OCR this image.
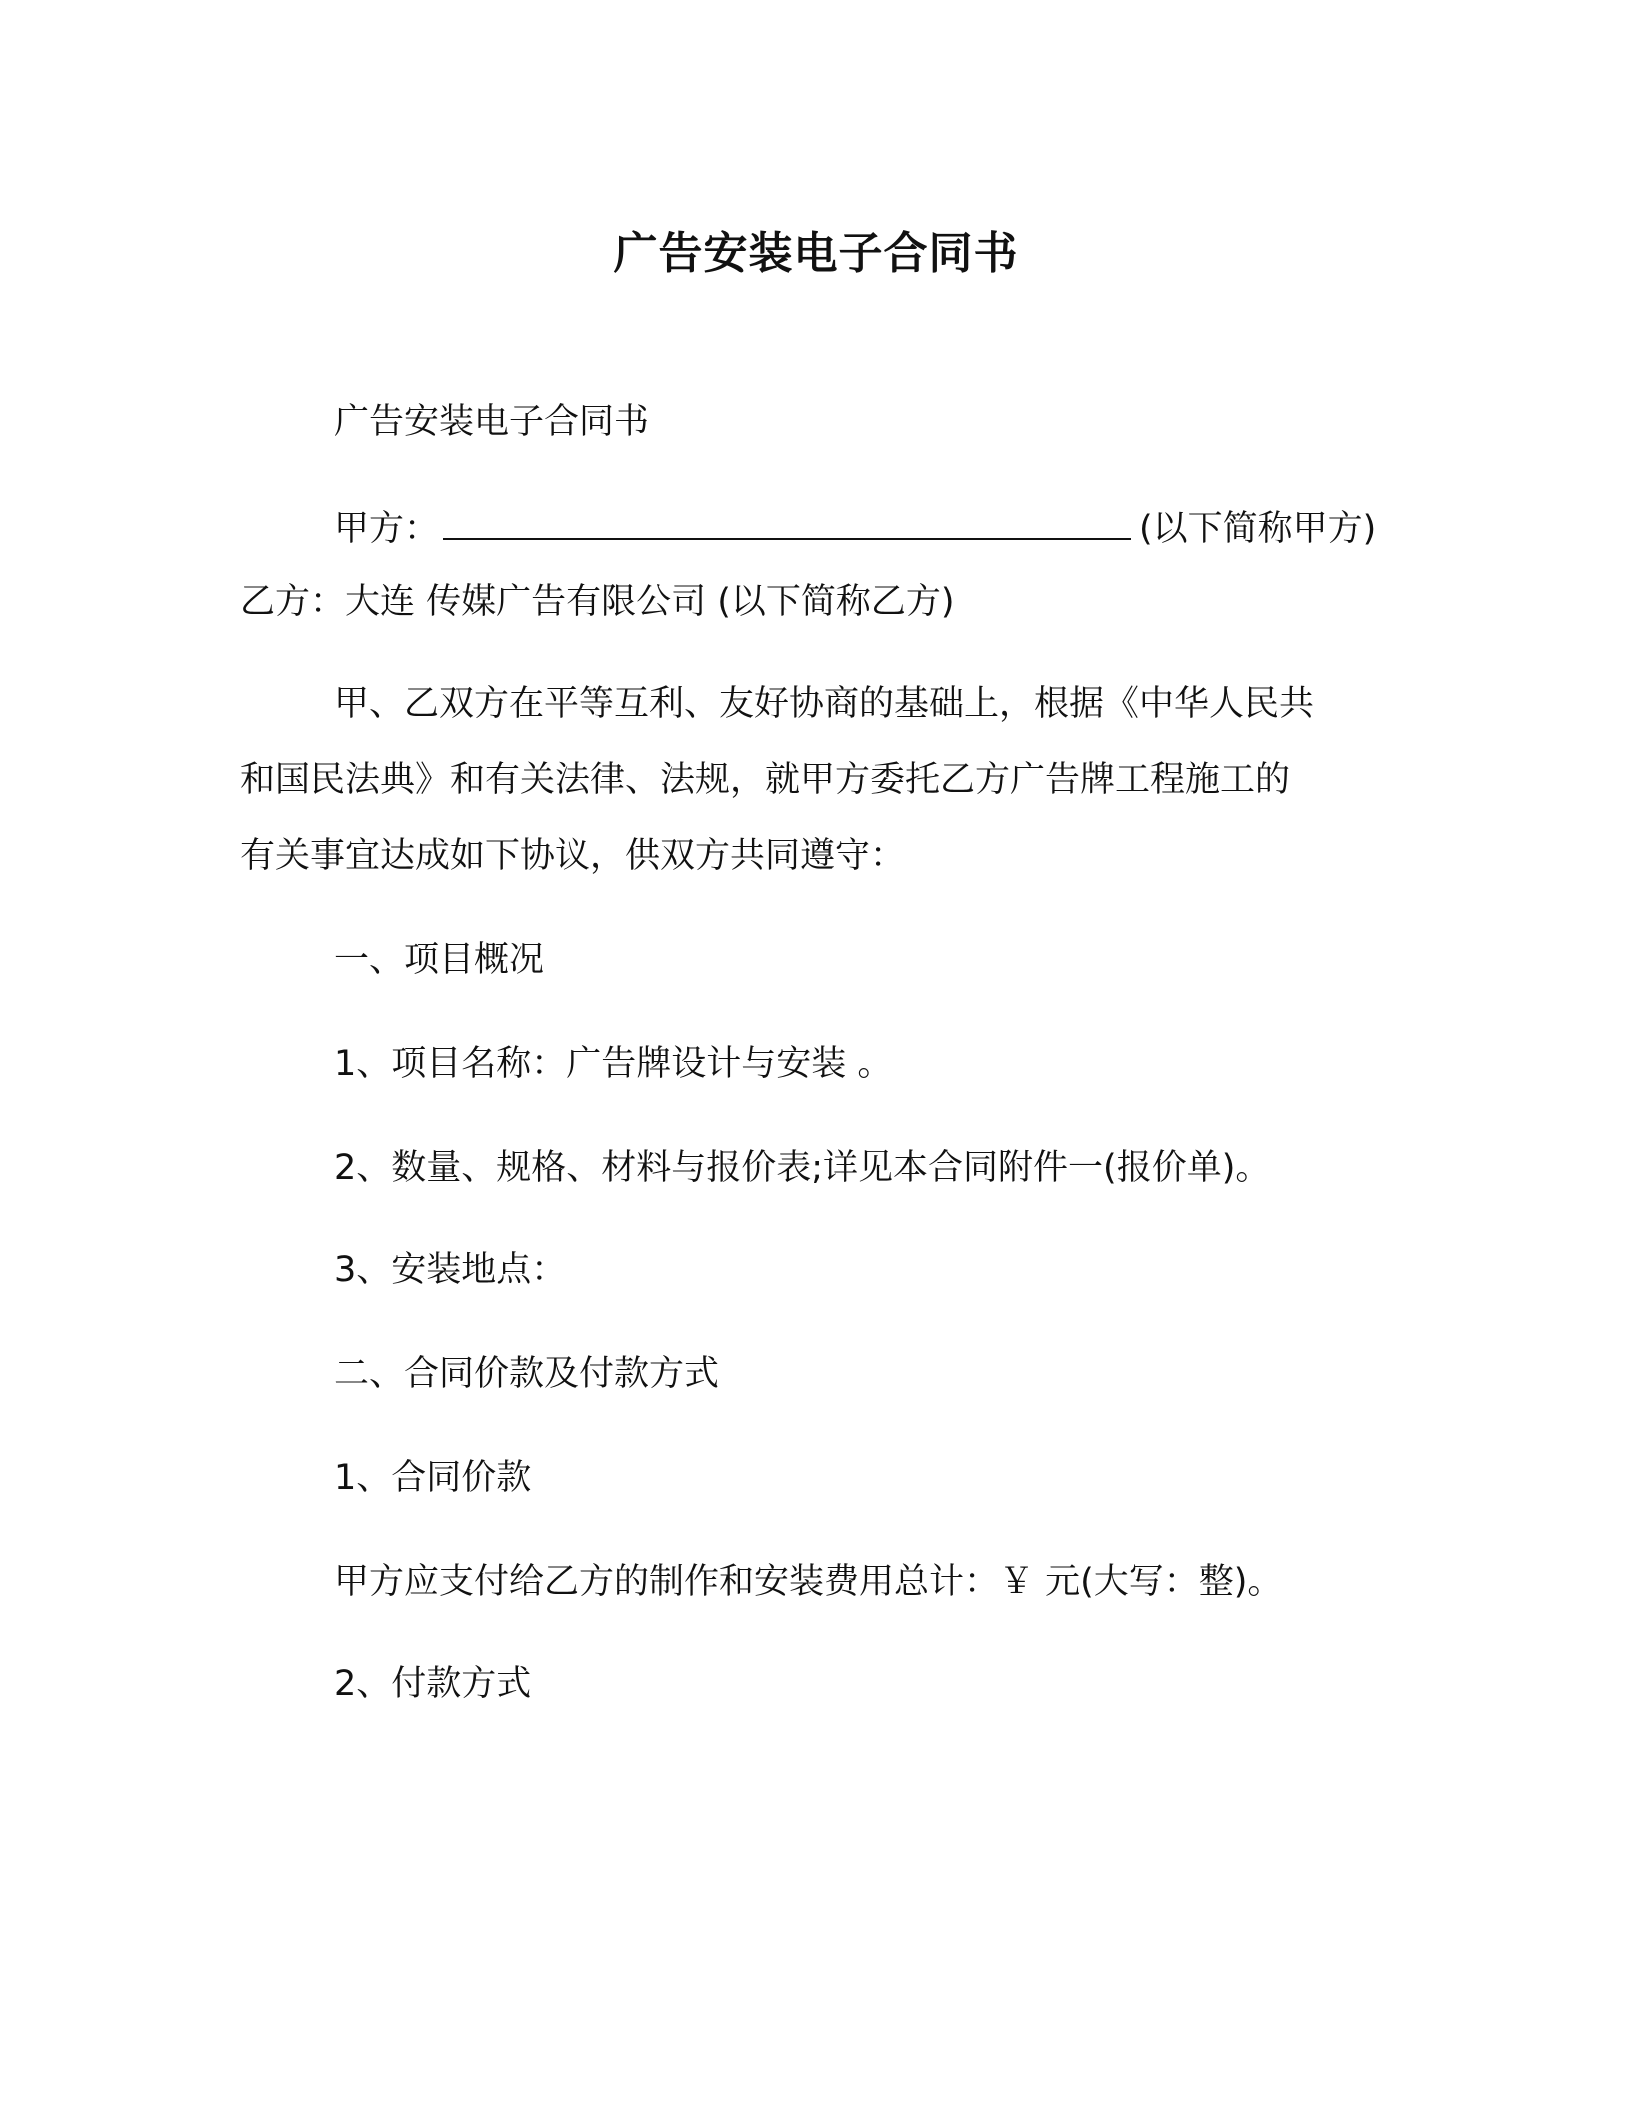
广告安装电子合同书
广告安装电子合同书
甲方：	(以下简称甲方)
乙方：大连 传媒广告有限公司 (以下简称乙方)
甲、乙双方在平等互利、友好协商的基础上，根据《中华人民共
和国民法典》和有关法律、法规，就甲方委托乙方广告牌工程施工的
有关事宜达成如下协议，供双方共同遵守：
一、项目概况
1、项目名称：广告牌设计与安装 。
2、数量、规格、材料与报价表;详见本合同附件一(报价单)。
3、安装地点：
二、合同价款及付款方式
1、合同价款
甲方应支付给乙方的制作和安装费用总计：￥ 元(大写：整)。
2、付款方式
